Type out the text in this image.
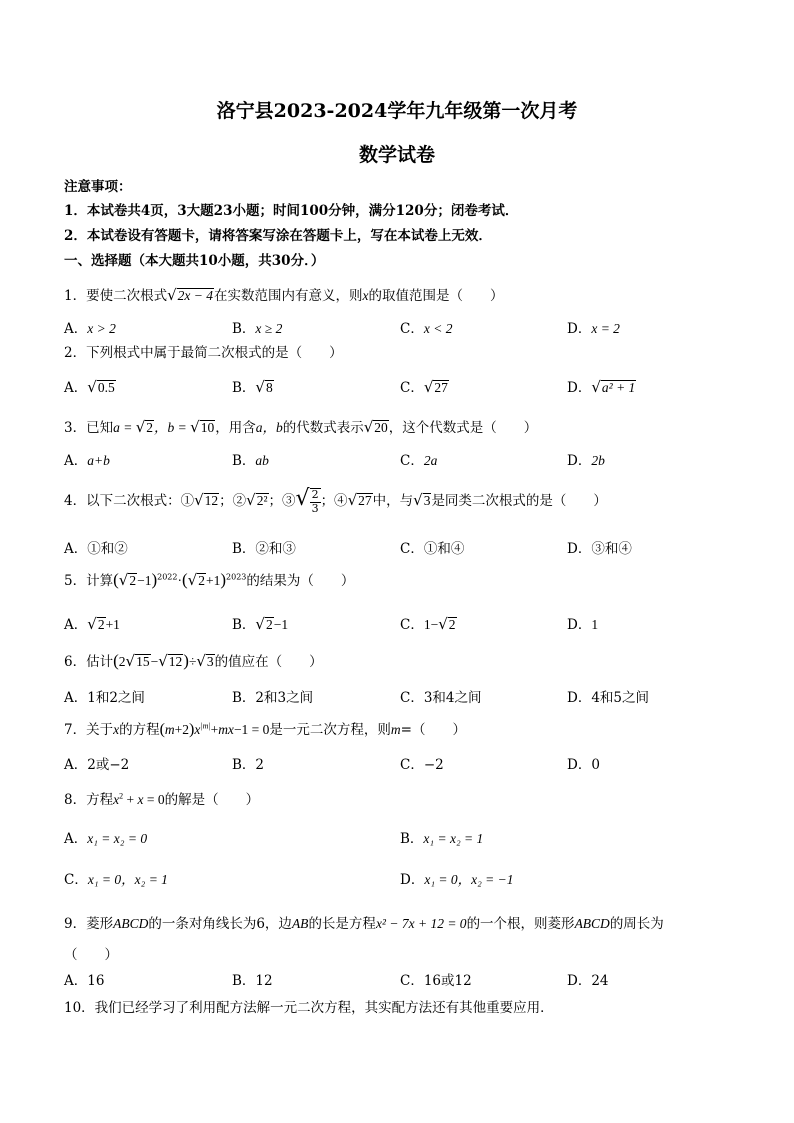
洛宁县2023-2024学年九年级第一次月考
数学试卷
注意事项：
1．本试卷共4页，3大题23小题；时间100分钟，满分120分；闭卷考试．
2．本试卷设有答题卡，请将答案写涂在答题卡上，写在本试卷上无效．
一、选择题（本大题共10小题，共30分．）
1．要使二次根式√2x − 4在实数范围内有意义，则x的取值范围是（　　）
A．x > 2	B．x ≥ 2	C．x < 2	D．x = 2
2．下列根式中属于最简二次根式的是（　　）
A．√0.5	B．√8	C．√27	D．√a² + 1
3．已知a = √2，b = √10，用含a，b的代数式表示√20，这个代数式是（　　）
A．a+b	B．ab	C．2a	D．2b
4．以下二次根式：①√12；②√2²；③√ $\frac{2}{3}$ ；④√27中，与√3是同类二次根式的是（　　）
A．①和②	B．②和③	C．①和④	D．③和④
5．计算$(√2-1)^{2022}\cdot(√2+1)^{2023}$的结果为（　　）
A．√2+1	B．√2−1	C．1−√2	D．1
6．估计(2√15−√12)÷√3的值应在（　　）
A．1和2之间	B．2和3之间	C．3和4之间	D．4和5之间
7．关于x的方程$(m+2)x^{|m|}+mx-1 = 0$是一元二次方程，则m=（　　）
A．2或−2	B．2	C．−2	D．0
8．方程$x^2 + x = 0$的解是（　　）
A．x₁ = x₂ = 0	B．x₁ = x₂ = 1
C．x₁ = 0，x₂ = 1	D．x₁ = 0，x₂ = −1
9．菱形ABCD的一条对角线长为6，边AB的长是方程x² − 7x + 12 = 0的一个根，则菱形ABCD的周长为
（　　）
A．16	B．12	C．16或12	D．24
10．我们已经学习了利用配方法解一元二次方程，其实配方法还有其他重要应用．
